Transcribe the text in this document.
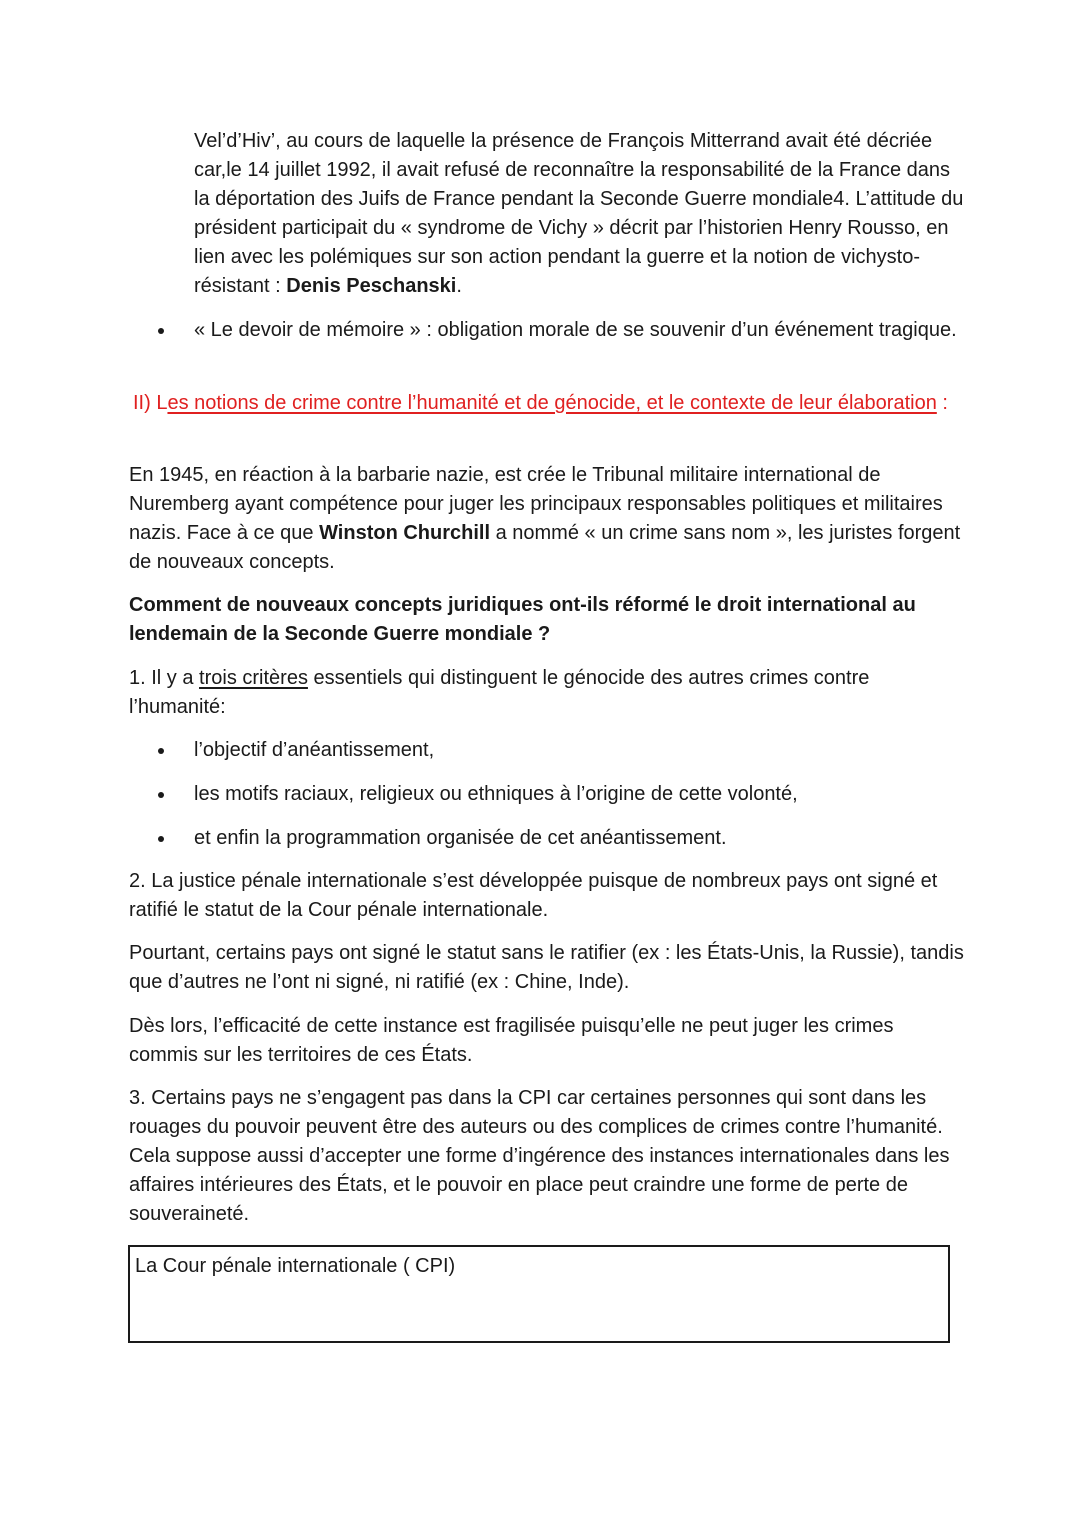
Vel’d’Hiv’, au cours de laquelle la présence de François Mitterrand avait été décriée car,le 14 juillet 1992, il avait refusé de reconnaître la responsabilité de la France dans la déportation des Juifs de France pendant la Seconde Guerre mondiale4. L’attitude du président participait du « syndrome de Vichy » décrit par l’historien Henry Rousso, en lien avec les polémiques sur son action pendant la guerre et la notion de vichysto-résistant : Denis Peschanski.

« Le devoir de mémoire » : obligation morale de se souvenir d’un événement tragique.

II) Les notions de crime contre l’humanité et de génocide, et le contexte de leur élaboration :

En 1945, en réaction à la barbarie nazie, est crée le Tribunal militaire international de Nuremberg ayant compétence pour juger les principaux responsables politiques et militaires nazis. Face à ce que Winston Churchill a nommé « un crime sans nom », les juristes forgent de nouveaux concepts.

Comment de nouveaux concepts juridiques ont-ils réformé le droit international au lendemain de la Seconde Guerre mondiale ?

1. Il y a trois critères essentiels qui distinguent le génocide des autres crimes contre l’humanité:

l’objectif d’anéantissement,
les motifs raciaux, religieux ou ethniques à l’origine de cette volonté,
et enfin la programmation organisée de cet anéantissement.

2. La justice pénale internationale s’est développée puisque de nombreux pays ont signé et ratifié le statut de la Cour pénale internationale.

Pourtant, certains pays ont signé le statut sans le ratifier (ex : les États-Unis, la Russie), tandis que d’autres ne l’ont ni signé, ni ratifié (ex : Chine, Inde).

Dès lors, l’efficacité de cette instance est fragilisée puisqu’elle ne peut juger les crimes commis sur les territoires de ces États.

3. Certains pays ne s’engagent pas dans la CPI car certaines personnes qui sont dans les rouages du pouvoir peuvent être des auteurs ou des complices de crimes contre l’humanité. Cela suppose aussi d’accepter une forme d’ingérence des instances internationales dans les affaires intérieures des États, et le pouvoir en place peut craindre une forme de perte de souveraineté.

La Cour pénale internationale ( CPI)
